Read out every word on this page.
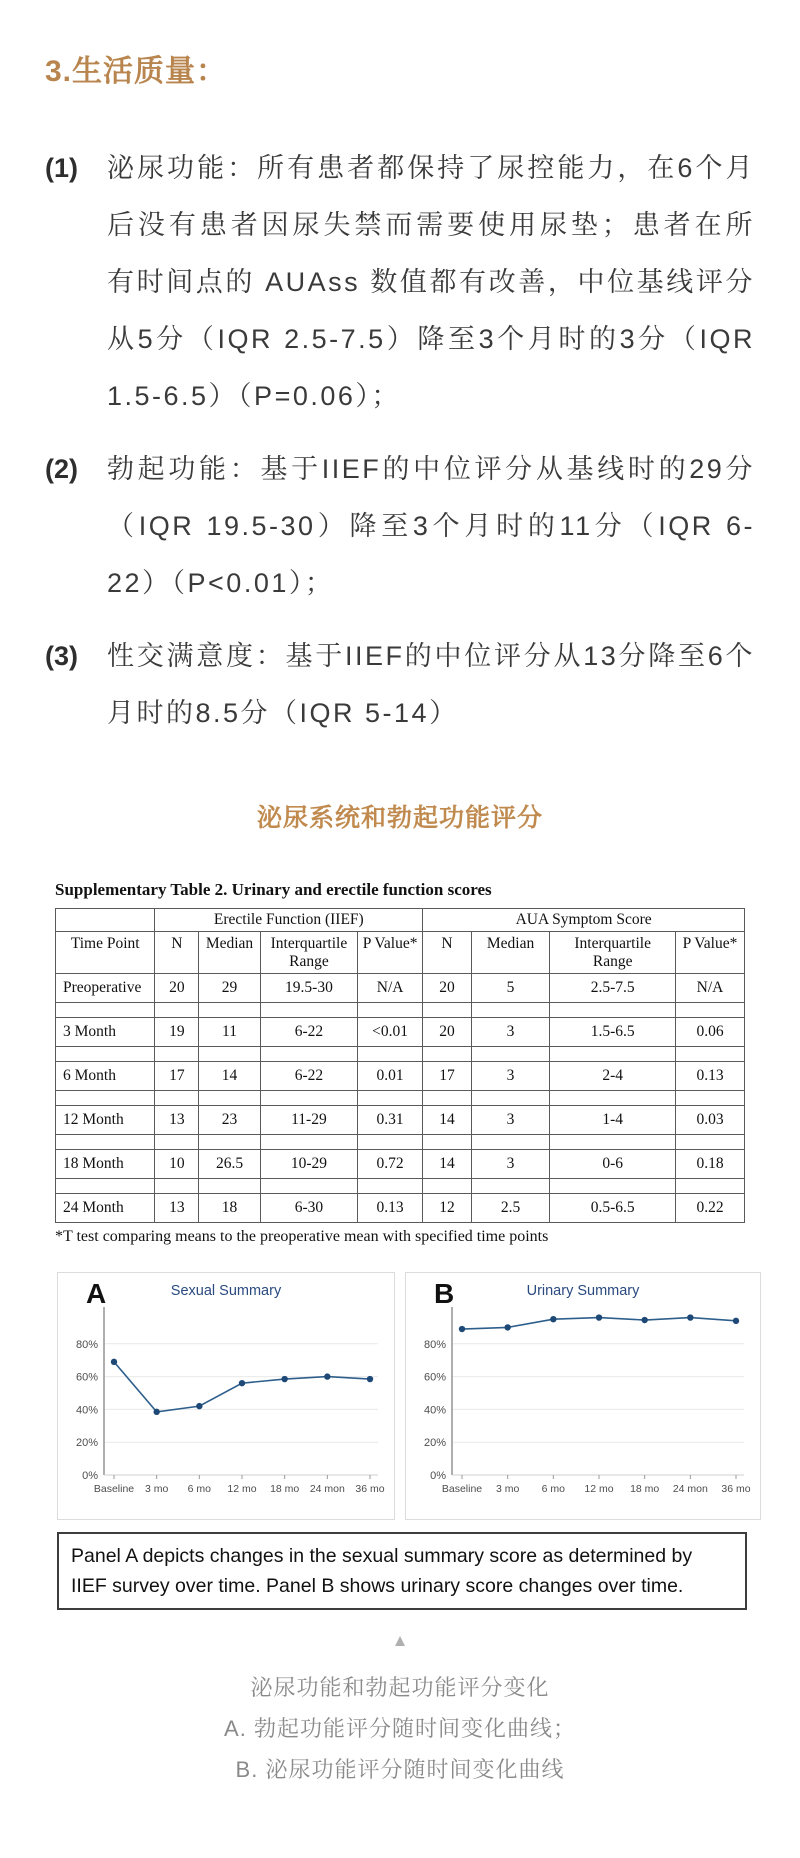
3.生活质量：
(1)	泌尿功能：所有患者都保持了尿控能力，在6个月后没有患者因尿失禁而需要使用尿垫；患者在所有时间点的 AUAss 数值都有改善，中位基线评分从5分（IQR 2.5-7.5）降至3个月时的3分（IQR 1.5-6.5）（P=0.06）；
(2)	勃起功能：基于IIEF的中位评分从基线时的29分（IQR 19.5-30）降至3个月时的11分（IQR 6-22）（P<0.01）；
(3)	性交满意度：基于IIEF的中位评分从13分降至6个月时的8.5分（IQR 5-14）
泌尿系统和勃起功能评分
Supplementary Table 2. Urinary and erectile function scores
	Erectile Function (IIEF)				AUA Symptom Score			
Time Point	N	Median	Interquartile Range	P Value*	N	Median	Interquartile Range	P Value*
Preoperative	20	29	19.5-30	N/A	20	5	2.5-7.5	N/A

3 Month	19	11	6-22	<0.01	20	3	1.5-6.5	0.06

6 Month	17	14	6-22	0.01	17	3	2-4	0.13

12 Month	13	23	11-29	0.31	14	3	1-4	0.03

18 Month	10	26.5	10-29	0.72	14	3	0-6	0.18

24 Month	13	18	6-30	0.13	12	2.5	0.5-6.5	0.22
*T test comparing means to the preoperative mean with specified time points
A	Sexual Summary
0%
20%
40%
60%
80%
Baseline 3 mo 6 mo 12 mo 18 mo 24 mon 36 mo
B	Urinary Summary
0%
20%
40%
60%
80%
Baseline 3 mo 6 mo 12 mo 18 mo 24 mon 36 mo
Panel A depicts changes in the sexual summary score as determined by IIEF survey over time. Panel B shows urinary score changes over time.
▲
泌尿功能和勃起功能评分变化
A. 勃起功能评分随时间变化曲线；
B. 泌尿功能评分随时间变化曲线
